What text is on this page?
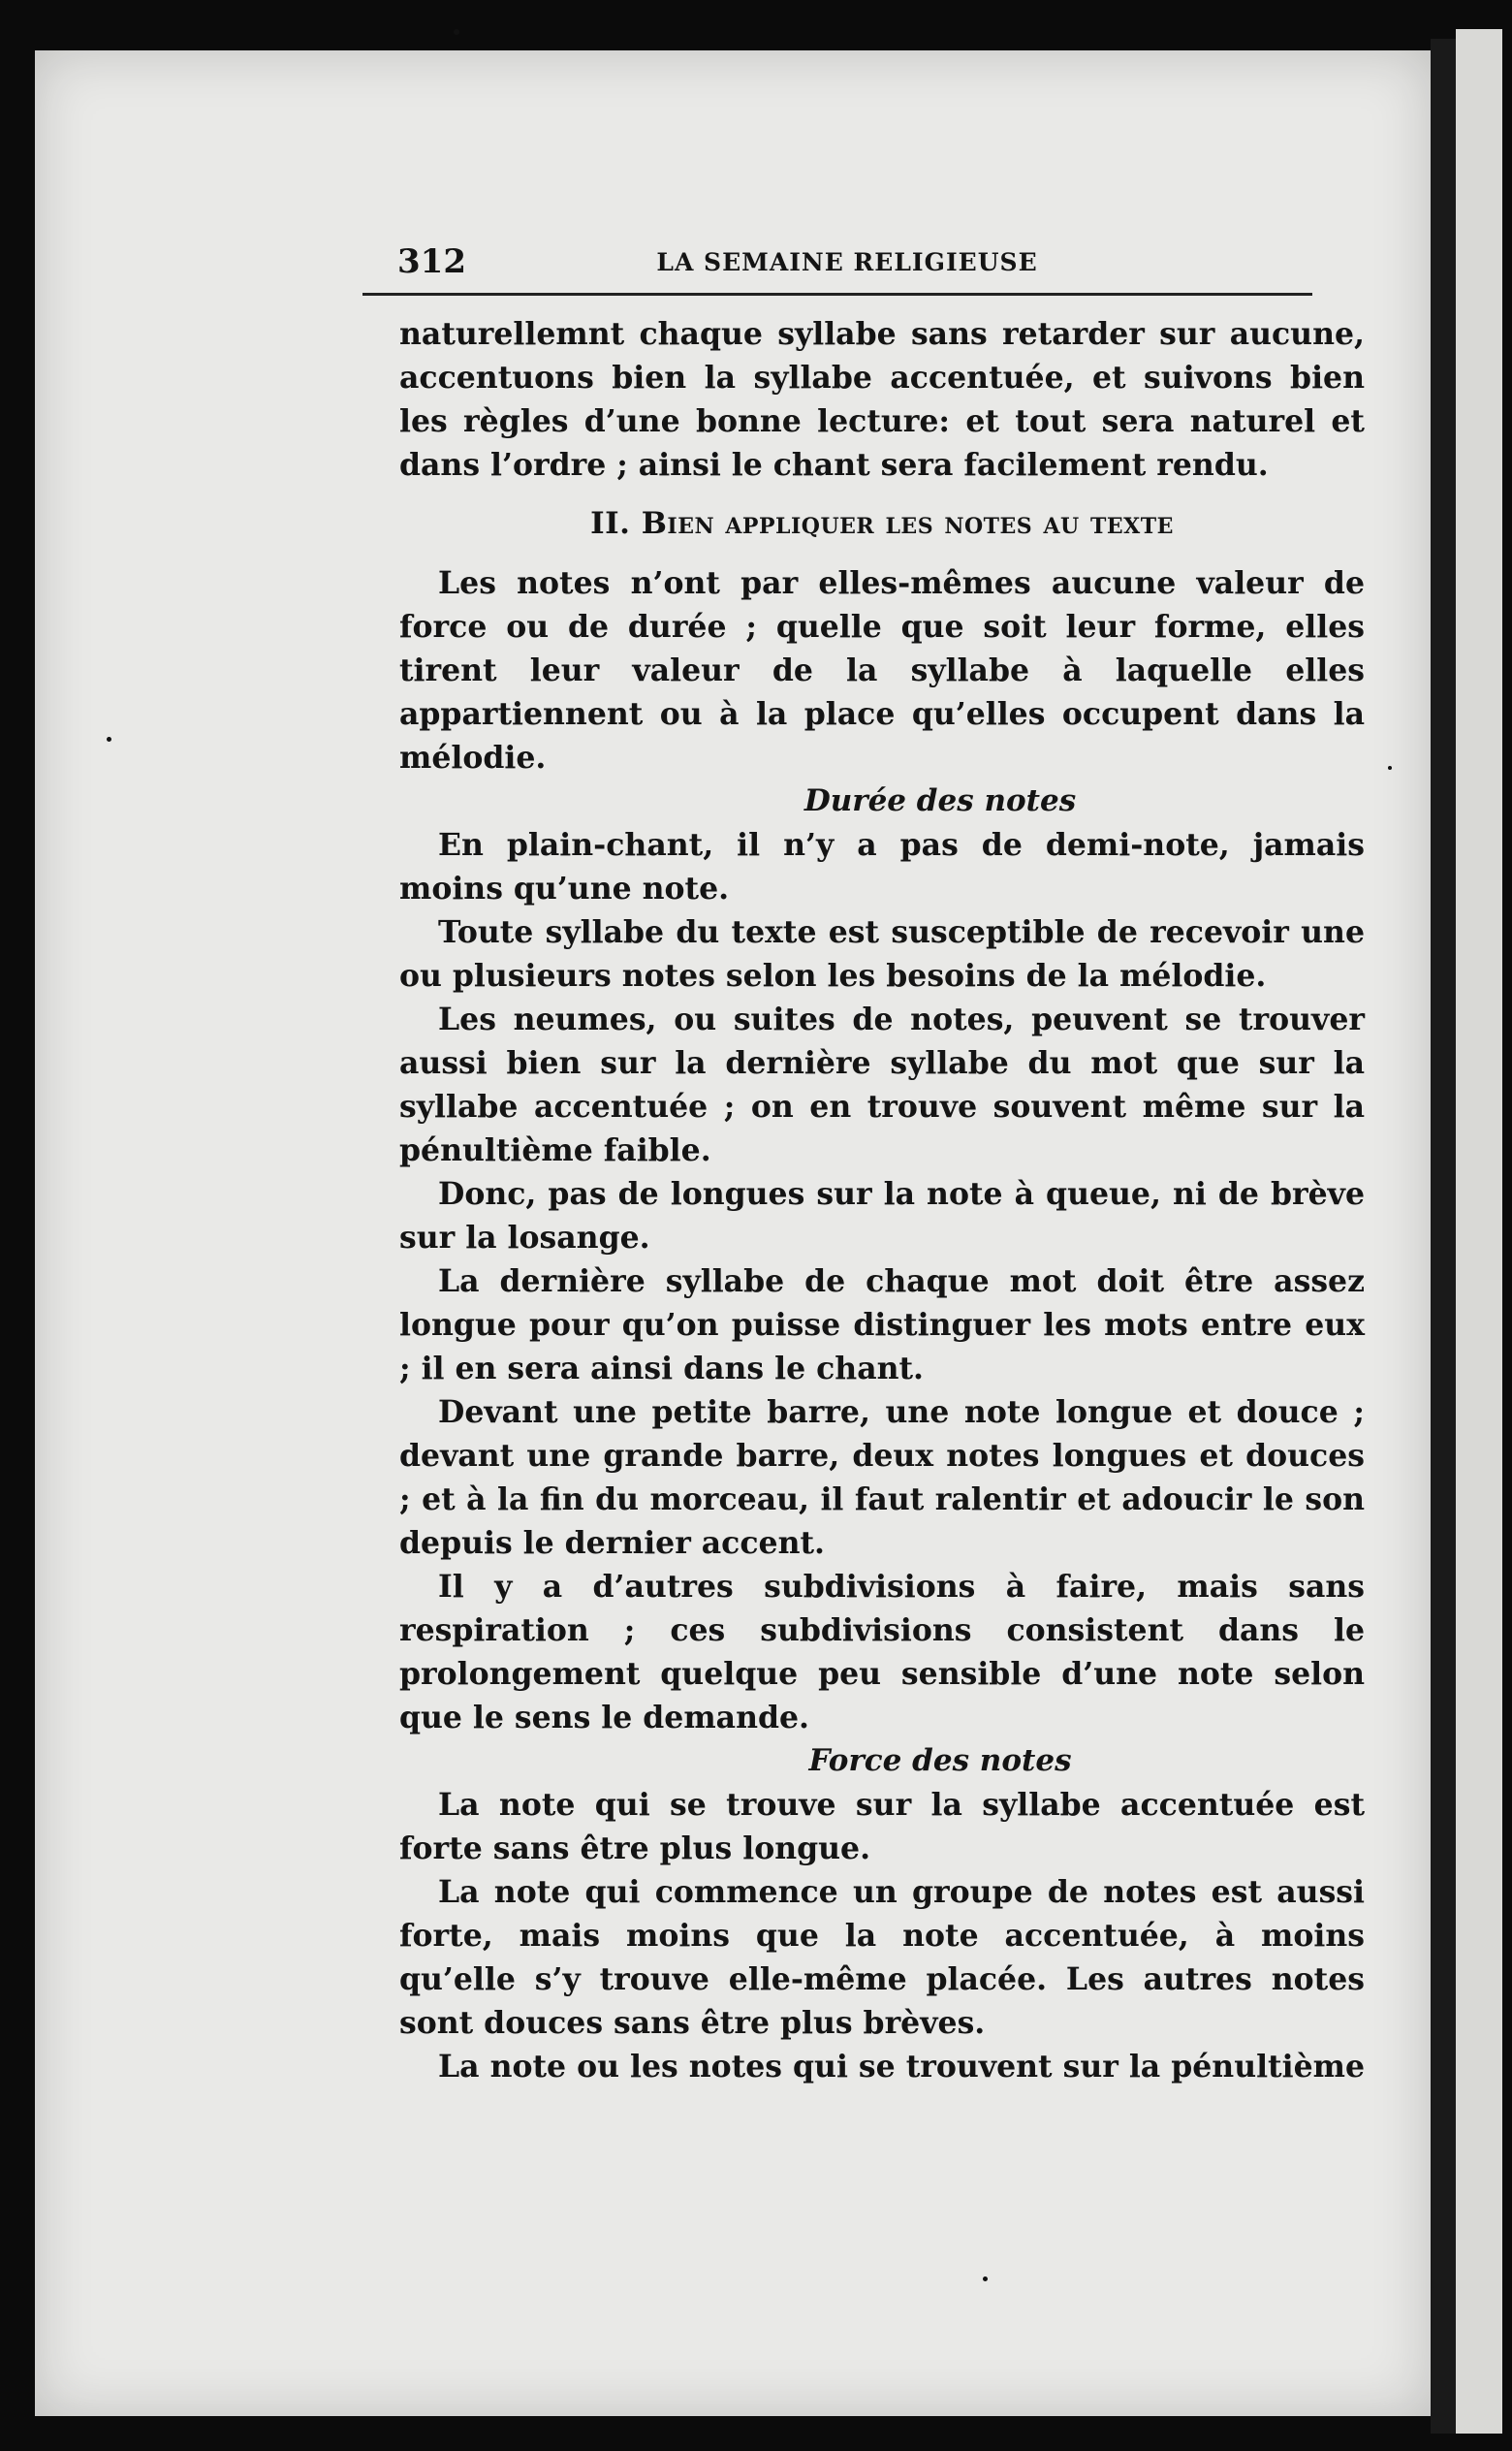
312	LA SEMAINE RELIGIEUSE

naturellemnt chaque syllabe sans retarder sur aucune, accentuons bien la syllabe accentuée, et suivons bien les règles d’une bonne lecture: et tout sera naturel et dans l’ordre ; ainsi le chant sera facilement rendu.

II. Bien appliquer les notes au texte

Les notes n’ont par elles-mêmes aucune valeur de force ou de durée ; quelle que soit leur forme, elles tirent leur valeur de la syllabe à laquelle elles appartiennent ou à la place qu’elles occupent dans la mélodie.

Durée des notes

En plain-chant, il n’y a pas de demi-note, jamais moins qu’une note.

Toute syllabe du texte est susceptible de recevoir une ou plusieurs notes selon les besoins de la mélodie.

Les neumes, ou suites de notes, peuvent se trouver aussi bien sur la dernière syllabe du mot que sur la syllabe accentuée ; on en trouve souvent même sur la pénultième faible.

Donc, pas de longues sur la note à queue, ni de brève sur la losange.

La dernière syllabe de chaque mot doit être assez longue pour qu’on puisse distinguer les mots entre eux ; il en sera ainsi dans le chant.

Devant une petite barre, une note longue et douce ; devant une grande barre, deux notes longues et douces ; et à la fin du morceau, il faut ralentir et adoucir le son depuis le dernier accent.

Il y a d’autres subdivisions à faire, mais sans respiration ; ces subdivisions consistent dans le prolongement quelque peu sensible d’une note selon que le sens le demande.

Force des notes

La note qui se trouve sur la syllabe accentuée est forte sans être plus longue.

La note qui commence un groupe de notes est aussi forte, mais moins que la note accentuée, à moins qu’elle s’y trouve elle-même placée. Les autres notes sont douces sans être plus brèves.

La note ou les notes qui se trouvent sur la pénultième
